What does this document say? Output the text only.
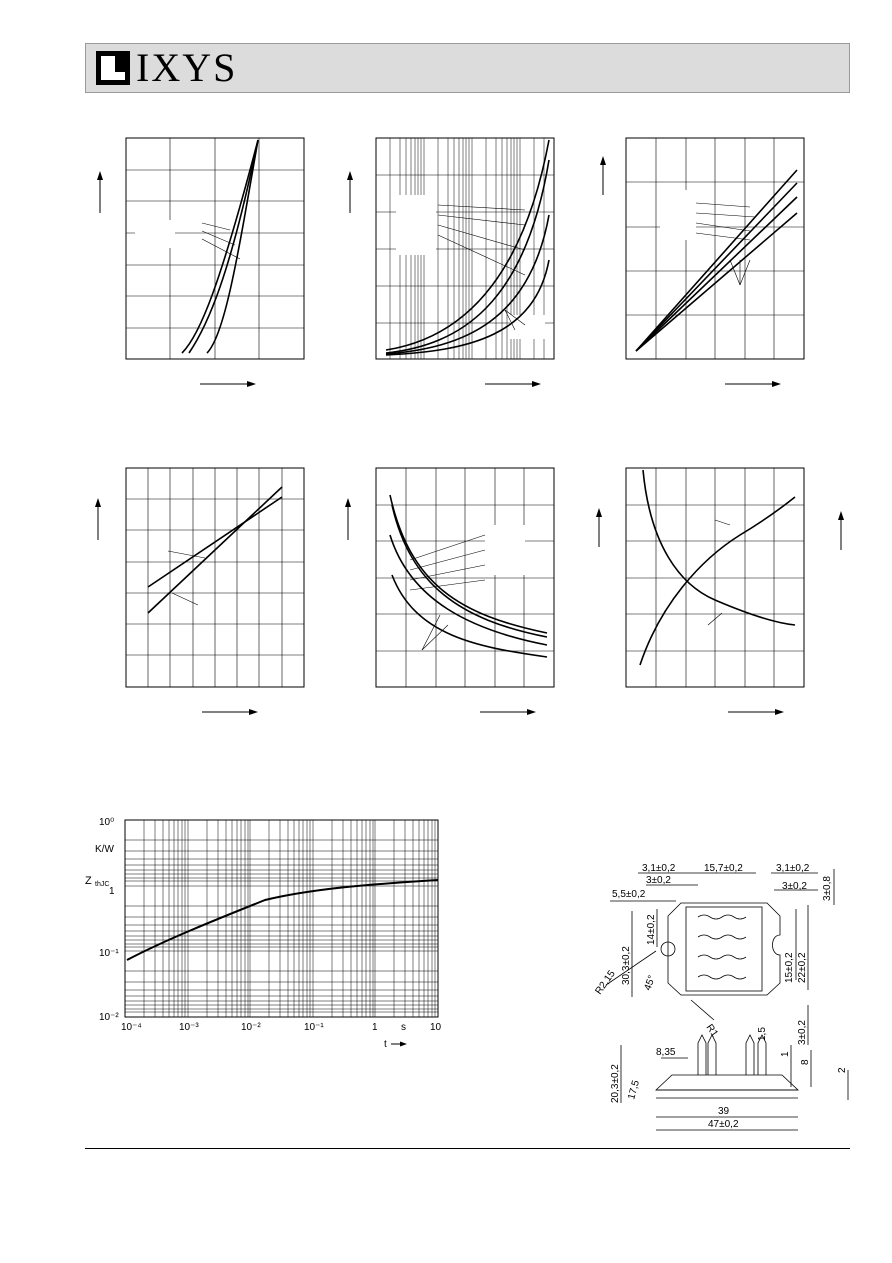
IXYS
10⁰
K/W
Z thJC
1
10⁻¹
10⁻²
10⁻⁴	10⁻³	10⁻²	10⁻¹	1 s 10
t
3,1±0,2	15,7±0,2	3,1±0,2
3±0,2
5,5±0,2
3±0,2
39
47±0,2
8,35
R1
45°
R2,15
3±0,8
14±0,2
30,3±0,2	15±0,2 22±0,2
3±0,2
1,5
20,3±0,2
1
8
2
17,5
